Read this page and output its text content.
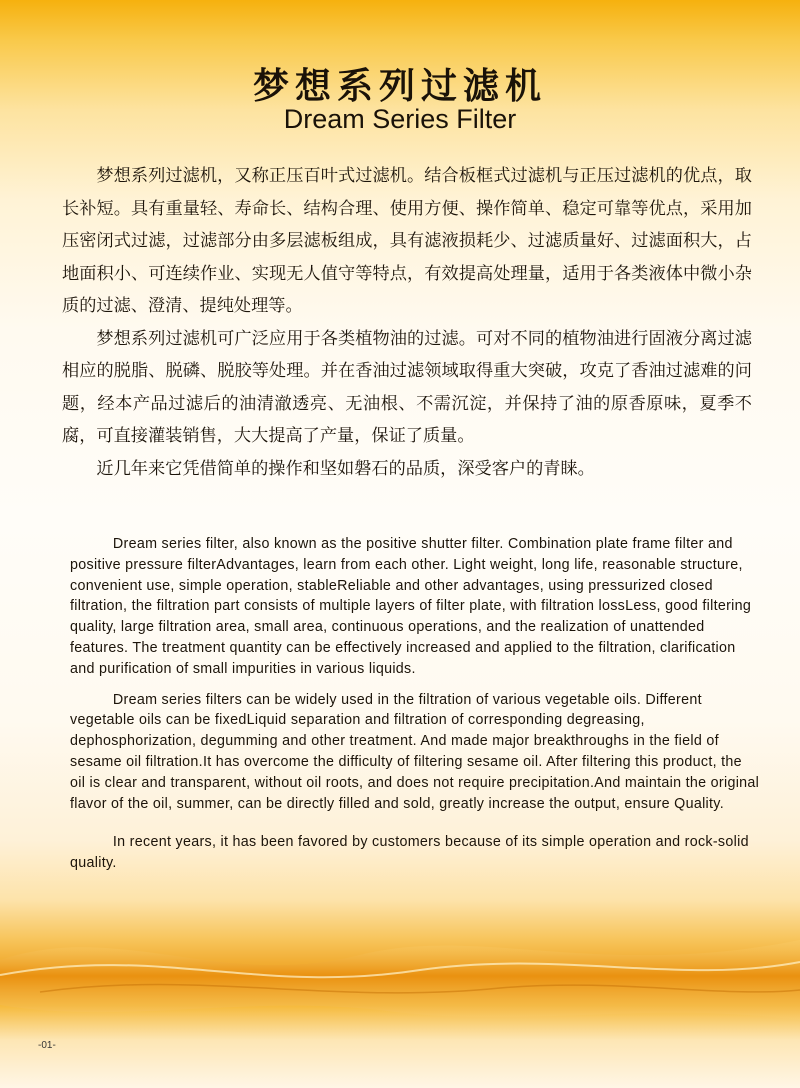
梦想系列过滤机
Dream Series Filter

梦想系列过滤机，又称正压百叶式过滤机。结合板框式过滤机与正压过滤机的优点，取长补短。具有重量轻、寿命长、结构合理、使用方便、操作简单、稳定可靠等优点，采用加压密闭式过滤，过滤部分由多层滤板组成，具有滤液损耗少、过滤质量好、过滤面积大，占地面积小、可连续作业、实现无人值守等特点，有效提高处理量，适用于各类液体中微小杂质的过滤、澄清、提纯处理等。

梦想系列过滤机可广泛应用于各类植物油的过滤。可对不同的植物油进行固液分离过滤相应的脱脂、脱磷、脱胶等处理。并在香油过滤领域取得重大突破，攻克了香油过滤难的问题，经本产品过滤后的油清澈透亮、无油根、不需沉淀，并保持了油的原香原味，夏季不腐，可直接灌装销售，大大提高了产量，保证了质量。

近几年来它凭借简单的操作和坚如磐石的品质，深受客户的青睐。

Dream series filter, also known as the positive shutter filter. Combination plate frame filter and positive pressure filterAdvantages, learn from each other. Light weight, long life, reasonable structure, convenient use, simple operation, stableReliable and other advantages, using pressurized closed filtration, the filtration part consists of multiple layers of filter plate, with filtration lossLess, good filtering quality, large filtration area, small area, continuous operations, and the realization of unattended features. The treatment quantity can be effectively increased and applied to the filtration, clarification and purification of small impurities in various liquids.

Dream series filters can be widely used in the filtration of various vegetable oils. Different vegetable oils can be fixedLiquid separation and filtration of corresponding degreasing, dephosphorization, degumming and other treatment. And made major breakthroughs in the field of sesame oil filtration.It has overcome the difficulty of filtering sesame oil. After filtering this product, the oil is clear and transparent, without oil roots, and does not require precipitation.And maintain the original flavor of the oil, summer, can be directly filled and sold, greatly increase the output, ensure Quality.

In recent years, it has been favored by customers because of its simple operation and rock-solid quality.

-01-
